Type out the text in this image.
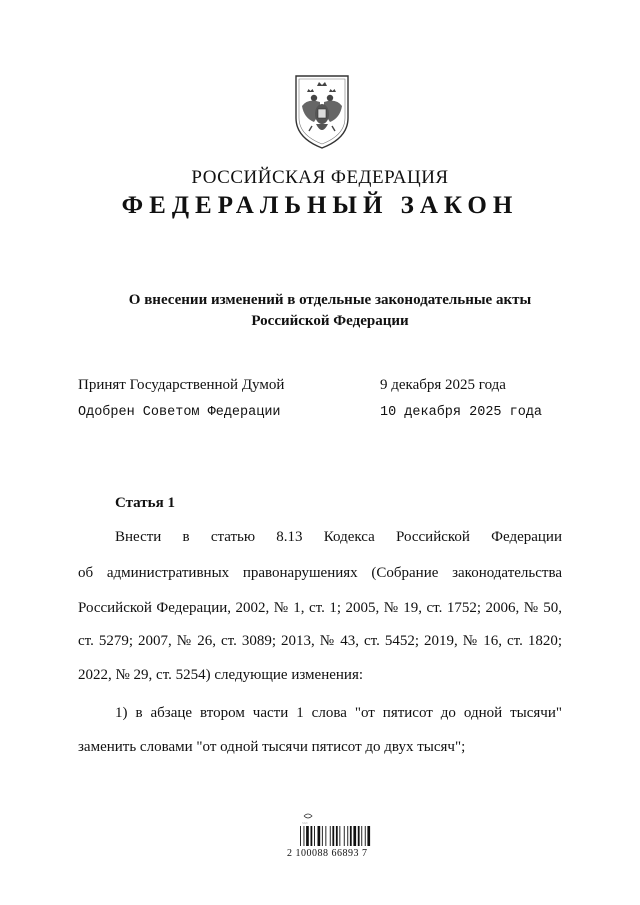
РОССИЙСКАЯ ФЕДЕРАЦИЯ
ФЕДЕРАЛЬНЫЙ ЗАКОН
О внесении изменений в отдельные законодательные акты
Российской Федерации
Принят Государственной Думой	9 декабря 2025 года
Одобрен Советом Федерации	10 декабря 2025 года
Статья 1
Внести в статью 8.13 Кодекса Российской Федерации
об административных правонарушениях (Собрание законодательства
Российской Федерации, 2002, № 1, ст. 1; 2005, № 19, ст. 1752; 2006, № 50,
ст. 5279; 2007, № 26, ст. 3089; 2013, № 43, ст. 5452; 2019, № 16, ст. 1820;
2022, № 29, ст. 5254) следующие изменения:
1) в абзаце втором части 1 слова "от пятисот до одной тысячи"
заменить словами "от одной тысячи пятисот до двух тысяч";
~~~
2 100088 66893 7
